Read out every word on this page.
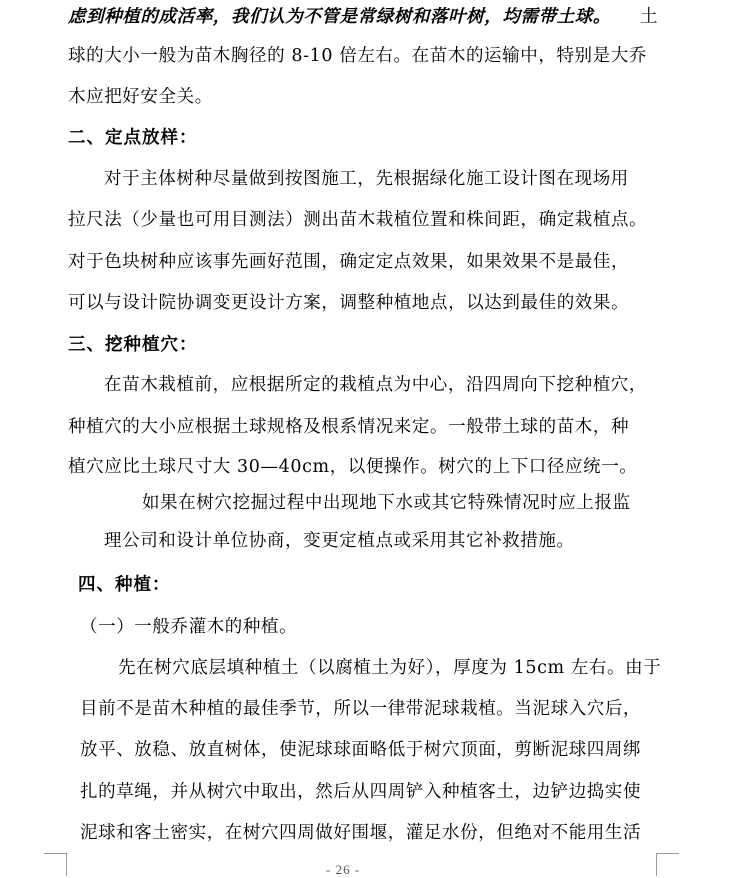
虑到种植的成活率，我们认为不管是常绿树和落叶树，均需带土球。 土
球的大小一般为苗木胸径的 8-10 倍左右。在苗木的运输中，特别是大乔
木应把好安全关。
二、定点放样：
对于主体树种尽量做到按图施工，先根据绿化施工设计图在现场用
拉尺法（少量也可用目测法）测出苗木栽植位置和株间距，确定栽植点。
对于色块树种应该事先画好范围，确定定点效果，如果效果不是最佳，
可以与设计院协调变更设计方案，调整种植地点，以达到最佳的效果。
三、挖种植穴：
在苗木栽植前，应根据所定的栽植点为中心，沿四周向下挖种植穴，
种植穴的大小应根据土球规格及根系情况来定。一般带土球的苗木，种
植穴应比土球尺寸大 30—40cm，以便操作。树穴的上下口径应统一。
如果在树穴挖掘过程中出现地下水或其它特殊情况时应上报监
理公司和设计单位协商，变更定植点或采用其它补救措施。
四、种植：
（一）一般乔灌木的种植。
先在树穴底层填种植土（以腐植土为好），厚度为 15cm 左右。由于
目前不是苗木种植的最佳季节，所以一律带泥球栽植。当泥球入穴后，
放平、放稳、放直树体，使泥球球面略低于树穴顶面，剪断泥球四周绑
扎的草绳，并从树穴中取出，然后从四周铲入种植客土，边铲边捣实使
泥球和客土密实，在树穴四周做好围堰，灌足水份，但绝对不能用生活
- 26 -
